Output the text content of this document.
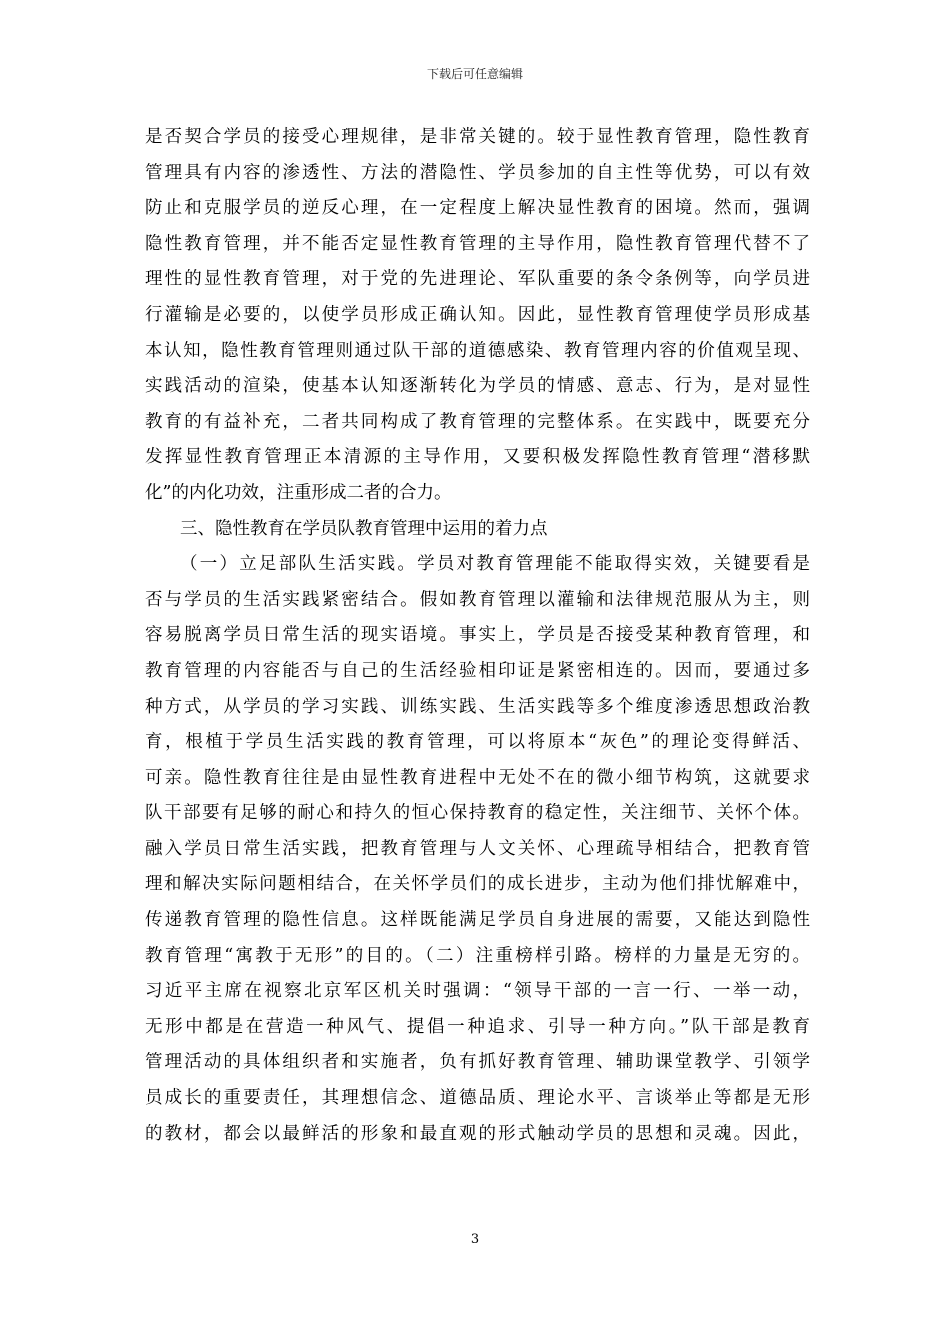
下载后可任意编辑
是否契合学员的接受心理规律，是非常关键的。较于显性教育管理，隐性教育
管理具有内容的渗透性、方法的潜隐性、学员参加的自主性等优势，可以有效
防止和克服学员的逆反心理，在一定程度上解决显性教育的困境。然而，强调
隐性教育管理，并不能否定显性教育管理的主导作用，隐性教育管理代替不了
理性的显性教育管理，对于党的先进理论、军队重要的条令条例等，向学员进
行灌输是必要的，以使学员形成正确认知。因此，显性教育管理使学员形成基
本认知，隐性教育管理则通过队干部的道德感染、教育管理内容的价值观呈现、
实践活动的渲染，使基本认知逐渐转化为学员的情感、意志、行为，是对显性
教育的有益补充，二者共同构成了教育管理的完整体系。在实践中，既要充分
发挥显性教育管理正本清源的主导作用，又要积极发挥隐性教育管理“潜移默
化”的内化功效，注重形成二者的合力。
三、隐性教育在学员队教育管理中运用的着力点
（一）立足部队生活实践。学员对教育管理能不能取得实效，关键要看是
否与学员的生活实践紧密结合。假如教育管理以灌输和法律规范服从为主，则
容易脱离学员日常生活的现实语境。事实上，学员是否接受某种教育管理，和
教育管理的内容能否与自己的生活经验相印证是紧密相连的。因而，要通过多
种方式，从学员的学习实践、训练实践、生活实践等多个维度渗透思想政治教
育，根植于学员生活实践的教育管理，可以将原本“灰色”的理论变得鲜活、
可亲。隐性教育往往是由显性教育进程中无处不在的微小细节构筑，这就要求
队干部要有足够的耐心和持久的恒心保持教育的稳定性，关注细节、关怀个体。
融入学员日常生活实践，把教育管理与人文关怀、心理疏导相结合，把教育管
理和解决实际问题相结合，在关怀学员们的成长进步，主动为他们排忧解难中，
传递教育管理的隐性信息。这样既能满足学员自身进展的需要，又能达到隐性
教育管理“寓教于无形”的目的。（二）注重榜样引路。榜样的力量是无穷的。
习近平主席在视察北京军区机关时强调：“领导干部的一言一行、一举一动，
无形中都是在营造一种风气、提倡一种追求、引导一种方向。”队干部是教育
管理活动的具体组织者和实施者，负有抓好教育管理、辅助课堂教学、引领学
员成长的重要责任，其理想信念、道德品质、理论水平、言谈举止等都是无形
的教材，都会以最鲜活的形象和最直观的形式触动学员的思想和灵魂。因此，
3
